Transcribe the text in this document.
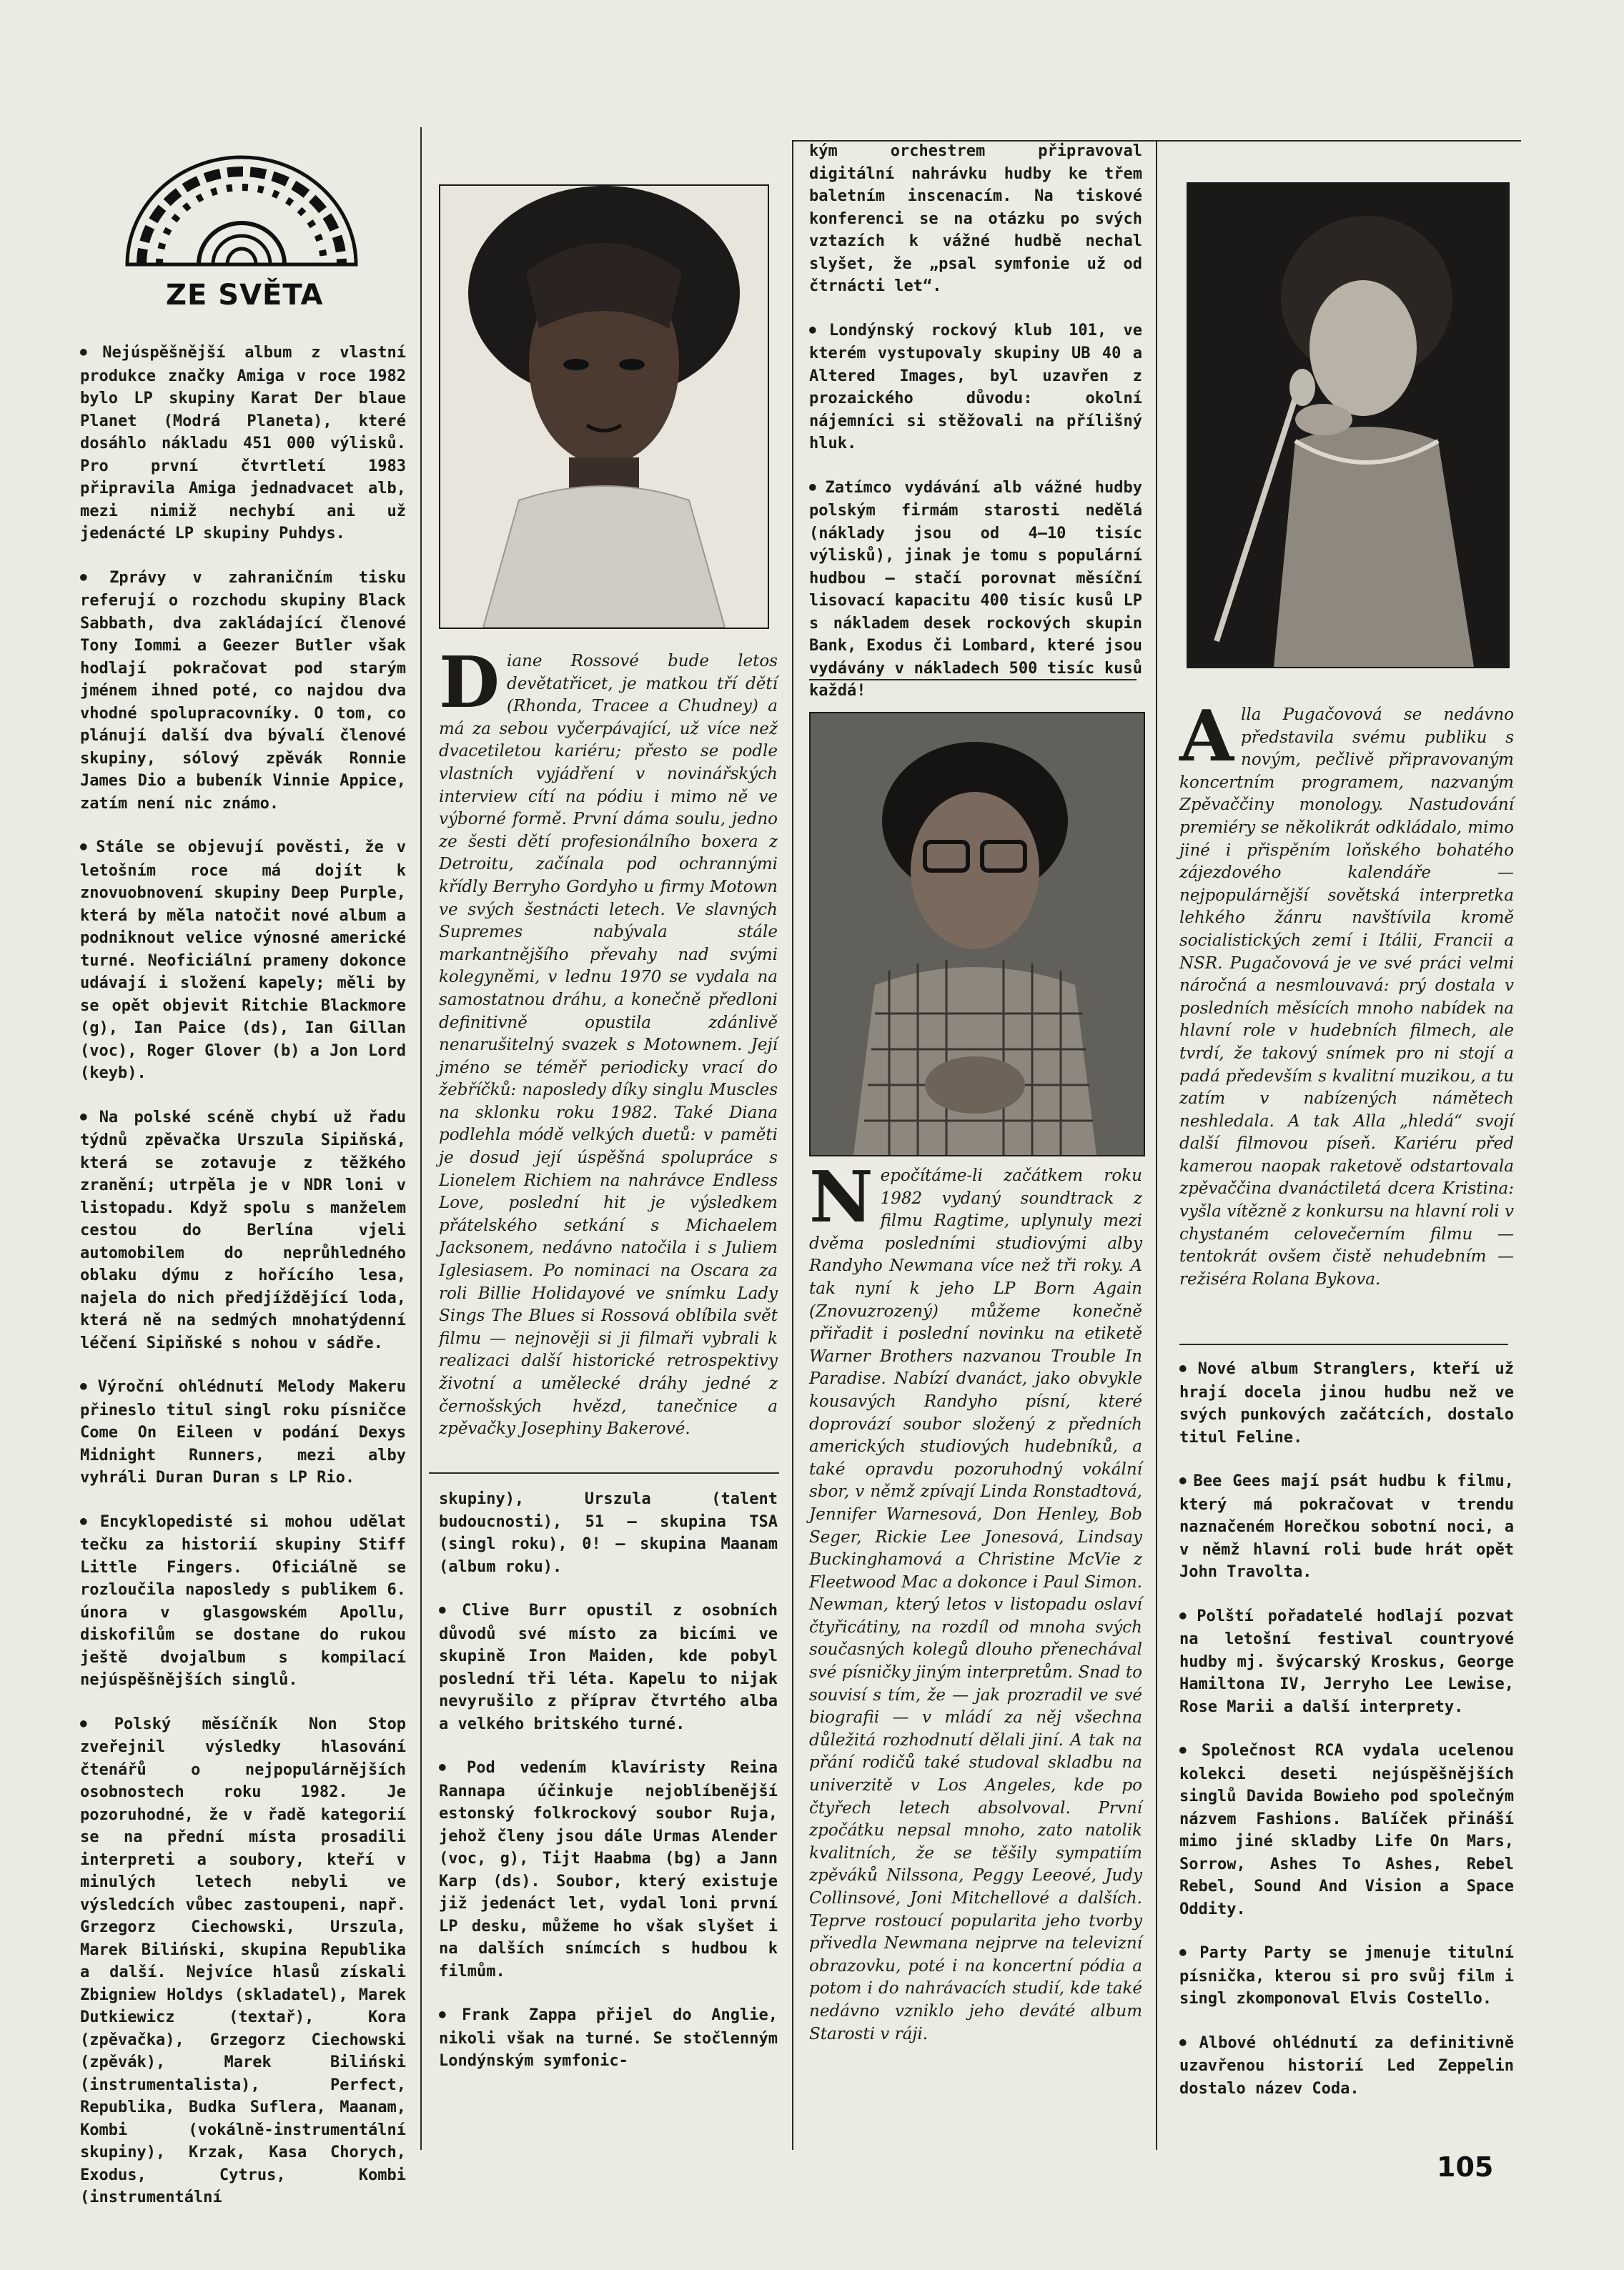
ZE SVĚTA

● Nejúspěšnější album z vlastní produkce značky Amiga v roce 1982 bylo LP skupiny Karat Der blaue Planet (Modrá Planeta), které dosáhlo nákladu 451 000 výlisků. Pro první čtvrtletí 1983 připravila Amiga jednadvacet alb, mezi nimiž nechybí ani už jedenácté LP skupiny Puhdys.

● Zprávy v zahraničním tisku referují o rozchodu skupiny Black Sabbath, dva zakládající členové Tony Iommi a Geezer Butler však hodlají pokračovat pod starým jménem ihned poté, co najdou dva vhodné spolupracovníky. O tom, co plánují další dva bývalí členové skupiny, sólový zpěvák Ronnie James Dio a bubeník Vinnie Appice, zatím není nic známo.

● Stále se objevují pověsti, že v letošním roce má dojít k znovuobnovení skupiny Deep Purple, která by měla natočit nové album a podniknout velice výnosné americké turné. Neoficiální prameny dokonce udávají i složení kapely; měli by se opět objevit Ritchie Blackmore (g), Ian Paice (ds), Ian Gillan (voc), Roger Glover (b) a Jon Lord (keyb).

● Na polské scéně chybí už řadu týdnů zpěvačka Urszula Sipiňská, která se zotavuje z těžkého zranění; utrpěla je v NDR loni v listopadu. Když spolu s manželem cestou do Berlína vjeli automobilem do neprůhledného oblaku dýmu z hořícího lesa, najela do nich předjíždějící loda, která ně na sedmých mnohatýdenní léčení Sipiňské s nohou v sádře.

● Výroční ohlédnutí Melody Makeru přineslo titul singl roku písničce Come On Eileen v podání Dexys Midnight Runners, mezi alby vyhráli Duran Duran s LP Rio.

● Encyklopedisté si mohou udělat tečku za historií skupiny Stiff Little Fingers. Oficiálně se rozloučila naposledy s publikem 6. února v glasgowském Apollu, diskofilům se dostane do rukou ještě dvojalbum s kompilací nejúspěšnějších singlů.

● Polský měsíčník Non Stop zveřejnil výsledky hlasování čtenářů o nejpopulárnějších osobnostech roku 1982. Je pozoruhodné, že v řadě kategorií se na přední místa prosadili interpreti a soubory, kteří v minulých letech nebyli ve výsledcích vůbec zastoupeni, např. Grzegorz Ciechowski, Urszula, Marek Biliński, skupina Republika a další. Nejvíce hlasů získali Zbigniew Holdys (skladatel), Marek Dutkiewicz (textař), Kora (zpěvačka), Grzegorz Ciechowski (zpěvák), Marek Biliński (instrumentalista), Perfect, Republika, Budka Suflera, Maanam, Kombi (vokálně-instrumentální skupiny), Krzak, Kasa Chorych, Exodus, Cytrus, Kombi (instrumentální

Diane Rossové bude letos devětatřicet, je matkou tří dětí (Rhonda, Tracee a Chudney) a má za sebou vyčerpávající, už více než dvacetiletou kariéru; přesto se podle vlastních vyjádření v novinářských interview cítí na pódiu i mimo ně ve výborné formě. První dáma soulu, jedno ze šesti dětí profesionálního boxera z Detroitu, začínala pod ochrannými křídly Berryho Gordyho u firmy Motown ve svých šestnácti letech. Ve slavných Supremes nabývala stále markantnějšího převahy nad svými kolegyněmi, v lednu 1970 se vydala na samostatnou dráhu, a konečně předloni definitivně opustila zdánlivě nenarušitelný svazek s Motownem. Její jméno se téměř periodicky vrací do žebříčků: naposledy díky singlu Muscles na sklonku roku 1982. Také Diana podlehla módě velkých duetů: v paměti je dosud její úspěšná spolupráce s Lionelem Richiem na nahrávce Endless Love, poslední hit je výsledkem přátelského setkání s Michaelem Jacksonem, nedávno natočila i s Juliem Iglesiasem. Po nominaci na Oscara za roli Billie Holidayové ve snímku Lady Sings The Blues si Rossová oblíbila svět filmu — nejnověji si ji filmaři vybrali k realizaci další historické retrospektivy životní a umělecké dráhy jedné z černošských hvězd, tanečnice a zpěvačky Josephiny Bakerové.

skupiny), Urszula (talent budoucnosti), 51 — skupina TSA (singl roku), 0! — skupina Maanam (album roku).

● Clive Burr opustil z osobních důvodů své místo za bicími ve skupině Iron Maiden, kde pobyl poslední tři léta. Kapelu to nijak nevyrušilo z příprav čtvrtého alba a velkého britského turné.

● Pod vedením klavíristy Reina Rannapa účinkuje nejoblíbenější estonský folkrockový soubor Ruja, jehož členy jsou dále Urmas Alender (voc, g), Tijt Haabma (bg) a Jann Karp (ds). Soubor, který existuje již jedenáct let, vydal loni první LP desku, můžeme ho však slyšet i na dalších snímcích s hudbou k filmům.

● Frank Zappa přijel do Anglie, nikoli však na turné. Se stočlenným Londýnským symfonic-

kým orchestrem připravoval digitální nahrávku hudby ke třem baletním inscenacím. Na tiskové konferenci se na otázku po svých vztazích k vážné hudbě nechal slyšet, že „psal symfonie už od čtrnácti let“.

● Londýnský rockový klub 101, ve kterém vystupovaly skupiny UB 40 a Altered Images, byl uzavřen z prozaického důvodu: okolní nájemníci si stěžovali na přílišný hluk.

● Zatímco vydávání alb vážné hudby polským firmám starosti nedělá (náklady jsou od 4—10 tisíc výlisků), jinak je tomu s populární hudbou — stačí porovnat měsíční lisovací kapacitu 400 tisíc kusů LP s nákladem desek rockových skupin Bank, Exodus či Lombard, které jsou vydávány v nákladech 500 tisíc kusů každá!

Nepočítáme-li začátkem roku 1982 vydaný soundtrack z filmu Ragtime, uplynuly mezi dvěma posledními studiovými alby Randyho Newmana více než tři roky. A tak nyní k jeho LP Born Again (Znovuzrozený) můžeme konečně přiřadit i poslední novinku na etiketě Warner Brothers nazvanou Trouble In Paradise. Nabízí dvanáct, jako obvykle kousavých Randyho písní, které doprovází soubor složený z předních amerických studiových hudebníků, a také opravdu pozoruhodný vokální sbor, v němž zpívají Linda Ronstadtová, Jennifer Warnesová, Don Henley, Bob Seger, Rickie Lee Jonesová, Lindsay Buckinghamová a Christine McVie z Fleetwood Mac a dokonce i Paul Simon. Newman, který letos v listopadu oslaví čtyřicátiny, na rozdíl od mnoha svých současných kolegů dlouho přenechával své písničky jiným interpretům. Snad to souvisí s tím, že — jak prozradil ve své biografii — v mládí za něj všechna důležitá rozhodnutí dělali jiní. A tak na přání rodičů také studoval skladbu na univerzitě v Los Angeles, kde po čtyřech letech absolvoval. První zpočátku nepsal mnoho, zato natolik kvalitních, že se těšily sympatiím zpěváků Nilssona, Peggy Leeové, Judy Collinsové, Joni Mitchellové a dalších. Teprve rostoucí popularita jeho tvorby přivedla Newmana nejprve na televizní obrazovku, poté i na koncertní pódia a potom i do nahrávacích studií, kde také nedávno vzniklo jeho deváté album Starosti v ráji.

Alla Pugačovová se nedávno představila svému publiku s novým, pečlivě připravovaným koncertním programem, nazvaným Zpěvaččiny monology. Nastudování premiéry se několikrát odkládalo, mimo jiné i přispěním loňského bohatého zájezdového kalendáře — nejpopulárnější sovětská interpretka lehkého žánru navštívila kromě socialistických zemí i Itálii, Francii a NSR. Pugačovová je ve své práci velmi náročná a nesmlouvavá: prý dostala v posledních měsících mnoho nabídek na hlavní role v hudebních filmech, ale tvrdí, že takový snímek pro ni stojí a padá především s kvalitní muzikou, a tu zatím v nabízených námětech neshledala. A tak Alla „hledá“ svojí další filmovou píseň. Kariéru před kamerou naopak raketově odstartovala zpěvaččina dvanáctiletá dcera Kristina: vyšla vítězně z konkursu na hlavní roli v chystaném celovečerním filmu — tentokrát ovšem čistě nehudebním — režiséra Rolana Bykova.

● Nové album Stranglers, kteří už hrají docela jinou hudbu než ve svých punkových začátcích, dostalo titul Feline.

● Bee Gees mají psát hudbu k filmu, který má pokračovat v trendu naznačeném Horečkou sobotní noci, a v němž hlavní roli bude hrát opět John Travolta.

● Polští pořadatelé hodlají pozvat na letošní festival countryové hudby mj. švýcarský Kroskus, George Hamiltona IV, Jerryho Lee Lewise, Rose Marii a další interprety.

● Společnost RCA vydala ucelenou kolekci deseti nejúspěšnějších singlů Davida Bowieho pod společným názvem Fashions. Balíček přináší mimo jiné skladby Life On Mars, Sorrow, Ashes To Ashes, Rebel Rebel, Sound And Vision a Space Oddity.

● Party Party se jmenuje titulní písnička, kterou si pro svůj film i singl zkomponoval Elvis Costello.

● Albové ohlédnutí za definitivně uzavřenou historií Led Zeppelin dostalo název Coda.

105
